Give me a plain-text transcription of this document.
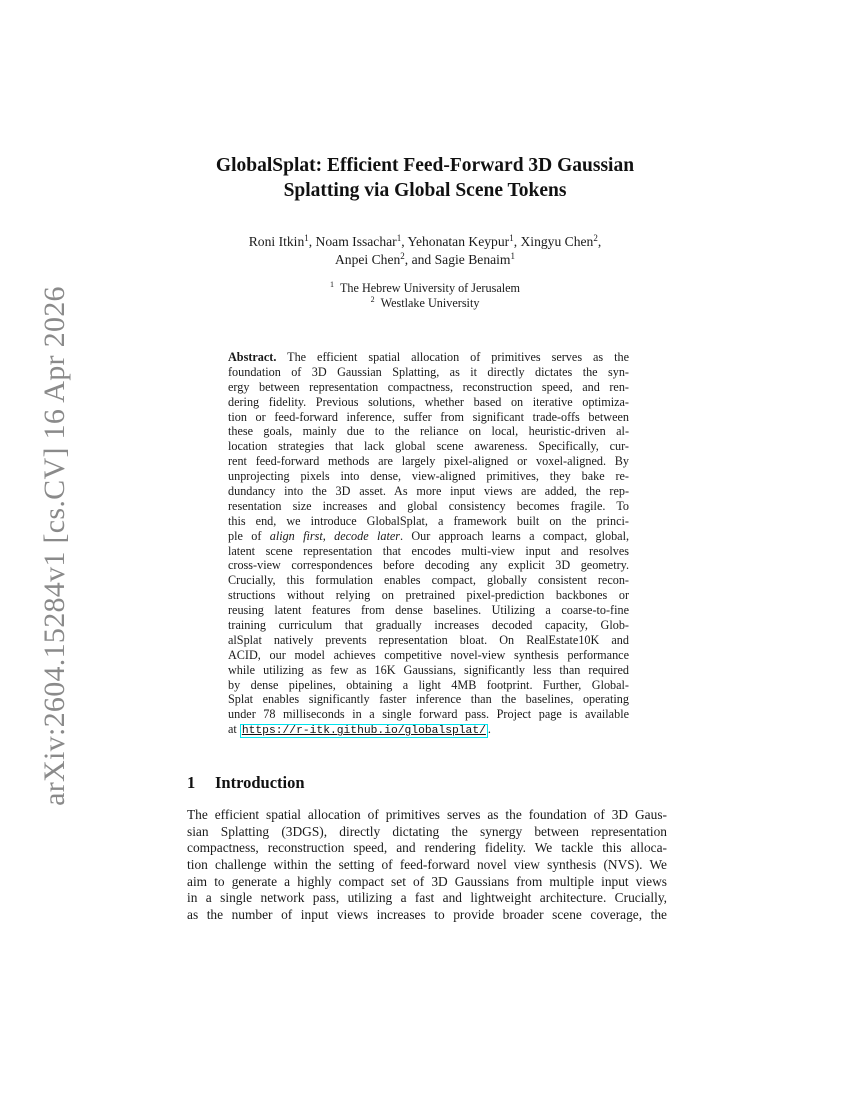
arXiv:2604.15284v1 [cs.CV] 16 Apr 2026
GlobalSplat: Efficient Feed-Forward 3D Gaussian
Splatting via Global Scene Tokens
Roni Itkin$^1$, Noam Issachar$^1$, Yehonatan Keypur$^1$, Xingyu Chen$^2$,
Anpei Chen$^2$, and Sagie Benaim$^1$
$^1$ The Hebrew University of Jerusalem
$^2$ Westlake University
Abstract. The efficient spatial allocation of primitives serves as the
foundation of 3D Gaussian Splatting, as it directly dictates the syn-
ergy between representation compactness, reconstruction speed, and ren-
dering fidelity. Previous solutions, whether based on iterative optimiza-
tion or feed-forward inference, suffer from significant trade-offs between
these goals, mainly due to the reliance on local, heuristic-driven al-
location strategies that lack global scene awareness. Specifically, cur-
rent feed-forward methods are largely pixel-aligned or voxel-aligned. By
unprojecting pixels into dense, view-aligned primitives, they bake re-
dundancy into the 3D asset. As more input views are added, the rep-
resentation size increases and global consistency becomes fragile. To
this end, we introduce GlobalSplat, a framework built on the princi-
ple of align first, decode later. Our approach learns a compact, global,
latent scene representation that encodes multi-view input and resolves
cross-view correspondences before decoding any explicit 3D geometry.
Crucially, this formulation enables compact, globally consistent recon-
structions without relying on pretrained pixel-prediction backbones or
reusing latent features from dense baselines. Utilizing a coarse-to-fine
training curriculum that gradually increases decoded capacity, Glob-
alSplat natively prevents representation bloat. On RealEstate10K and
ACID, our model achieves competitive novel-view synthesis performance
while utilizing as few as 16K Gaussians, significantly less than required
by dense pipelines, obtaining a light 4MB footprint. Further, Global-
Splat enables significantly faster inference than the baselines, operating
under 78 milliseconds in a single forward pass. Project page is available
at https://r-itk.github.io/globalsplat/ .
1 Introduction
The efficient spatial allocation of primitives serves as the foundation of 3D Gaus-
sian Splatting (3DGS), directly dictating the synergy between representation
compactness, reconstruction speed, and rendering fidelity. We tackle this alloca-
tion challenge within the setting of feed-forward novel view synthesis (NVS). We
aim to generate a highly compact set of 3D Gaussians from multiple input views
in a single network pass, utilizing a fast and lightweight architecture. Crucially,
as the number of input views increases to provide broader scene coverage, the
